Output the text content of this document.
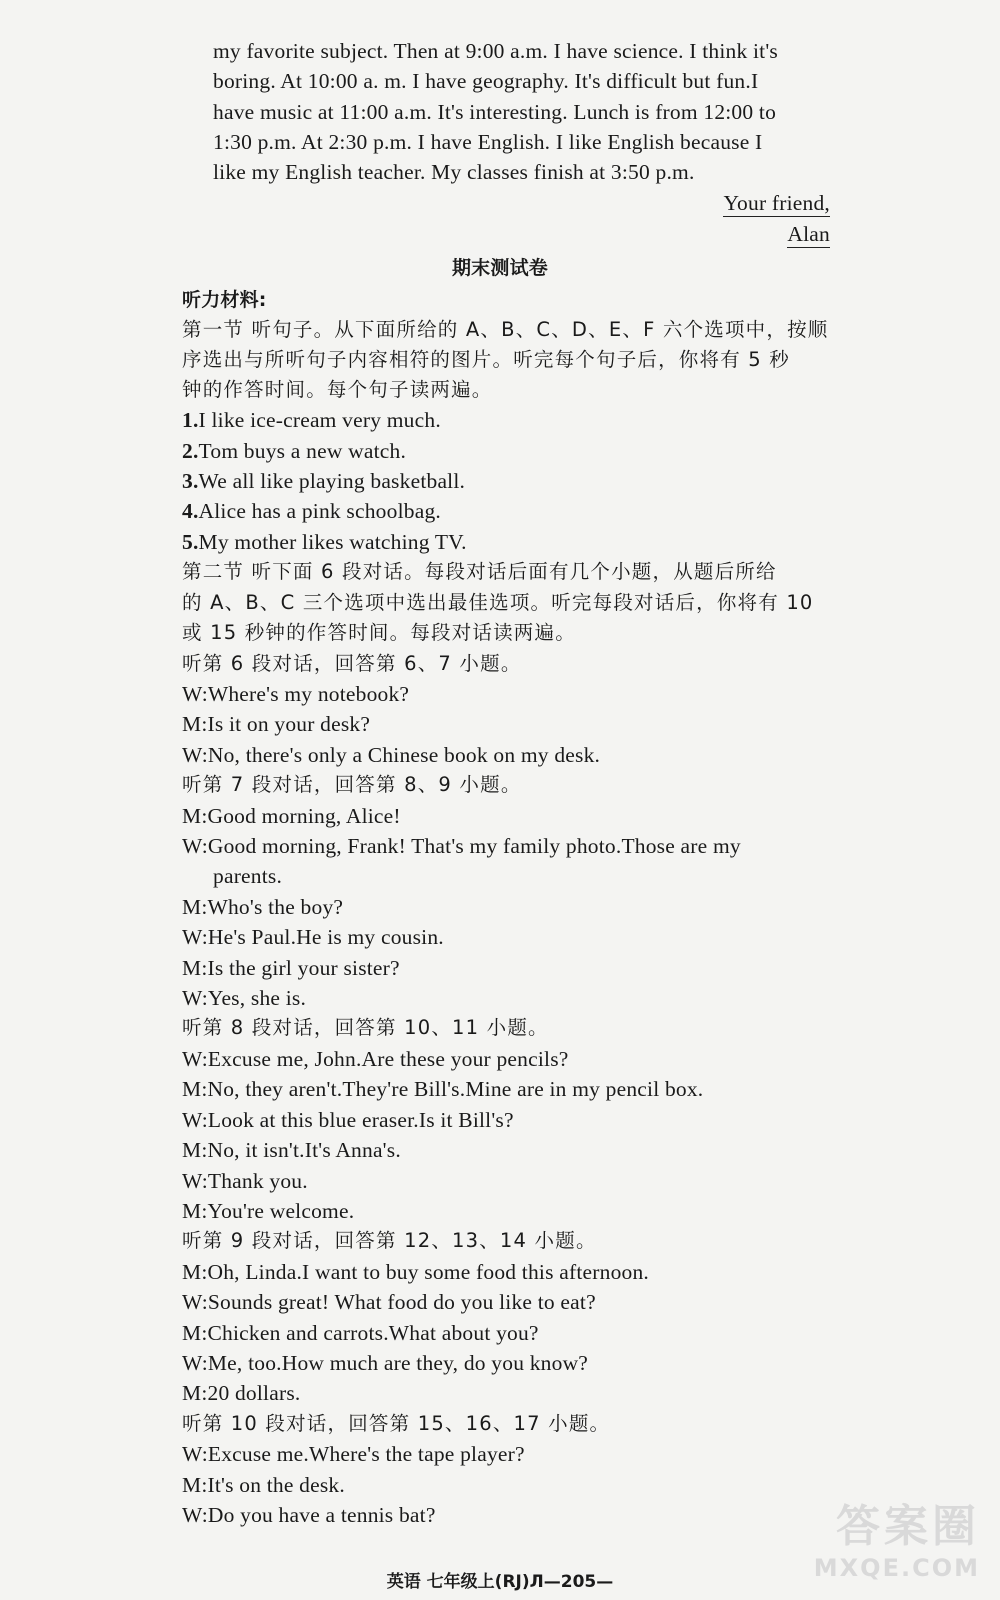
my favorite subject. Then at 9:00 a.m. I have science. I think it's
boring. At 10:00 a. m. I have geography. It's difficult but fun.I
have music at 11:00 a.m. It's interesting. Lunch is from 12:00 to
1:30 p.m. At 2:30 p.m. I have English. I like English because I
like my English teacher. My classes finish at 3:50 p.m.
Your friend,
Alan
期末测试卷
听力材料:
第一节 听句子。从下面所给的 A、B、C、D、E、F 六个选项中，按顺
序选出与所听句子内容相符的图片。听完每个句子后，你将有 5 秒
钟的作答时间。每个句子读两遍。
1.I like ice-cream very much.
2.Tom buys a new watch.
3.We all like playing basketball.
4.Alice has a pink schoolbag.
5.My mother likes watching TV.
第二节 听下面 6 段对话。每段对话后面有几个小题，从题后所给
的 A、B、C 三个选项中选出最佳选项。听完每段对话后，你将有 10
或 15 秒钟的作答时间。每段对话读两遍。
听第 6 段对话，回答第 6、7 小题。
W:Where's my notebook?
M:Is it on your desk?
W:No, there's only a Chinese book on my desk.
听第 7 段对话，回答第 8、9 小题。
M:Good morning, Alice!
W:Good morning, Frank! That's my family photo.Those are my
parents.
M:Who's the boy?
W:He's Paul.He is my cousin.
M:Is the girl your sister?
W:Yes, she is.
听第 8 段对话，回答第 10、11 小题。
W:Excuse me, John.Are these your pencils?
M:No, they aren't.They're Bill's.Mine are in my pencil box.
W:Look at this blue eraser.Is it Bill's?
M:No, it isn't.It's Anna's.
W:Thank you.
M:You're welcome.
听第 9 段对话，回答第 12、13、14 小题。
M:Oh, Linda.I want to buy some food this afternoon.
W:Sounds great! What food do you like to eat?
M:Chicken and carrots.What about you?
W:Me, too.How much are they, do you know?
M:20 dollars.
听第 10 段对话，回答第 15、16、17 小题。
W:Excuse me.Where's the tape player?
M:It's on the desk.
W:Do you have a tennis bat?
英语 七年级上(RJ)Л—205—
答案圈
MXQE.COM
